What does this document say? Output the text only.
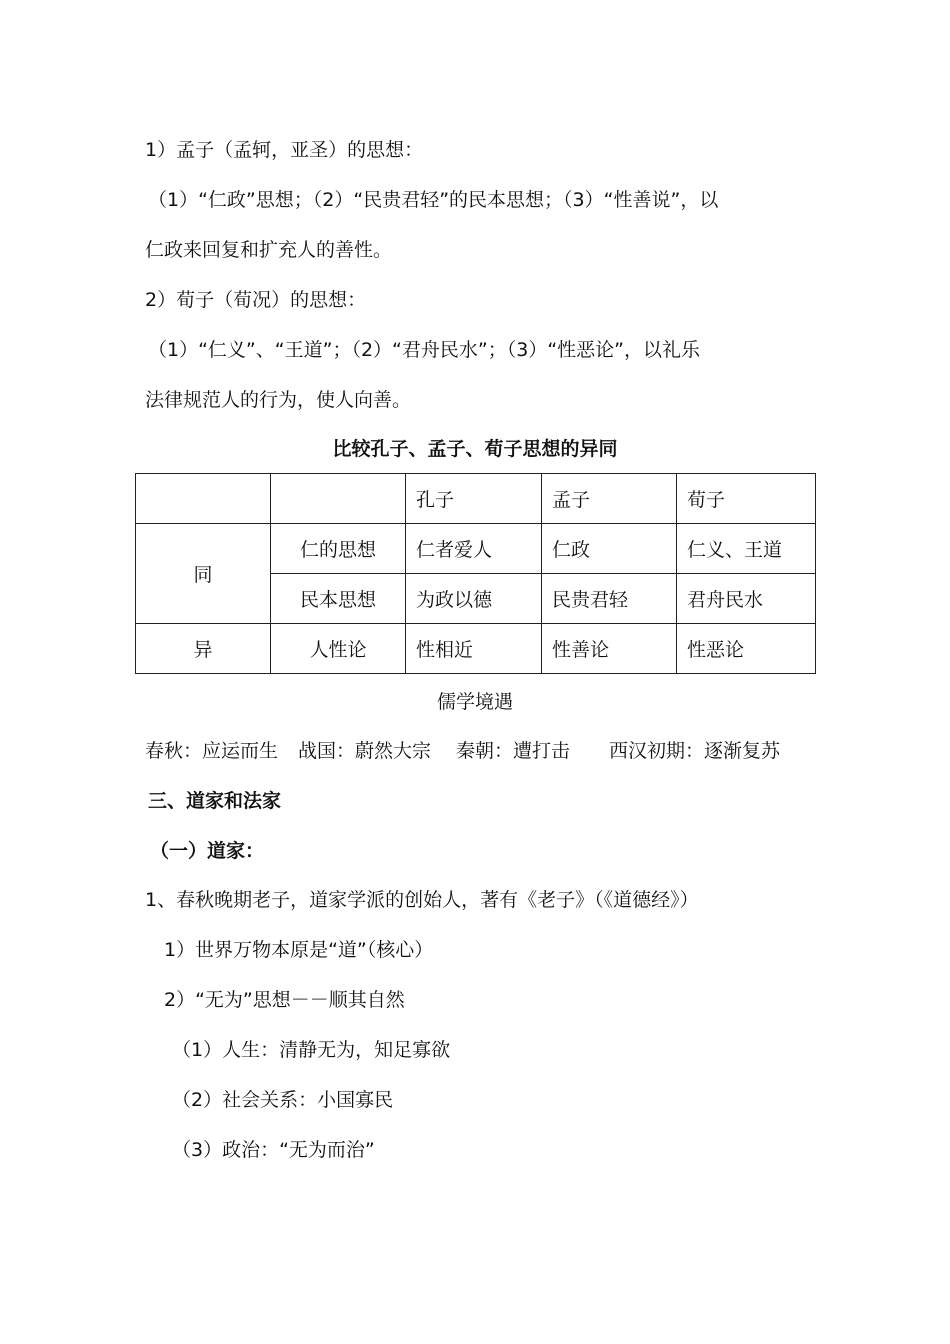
1）孟子（孟轲，亚圣）的思想：
（1）“仁政”思想；（2）“民贵君轻”的民本思想；（3）“性善说”，以
仁政来回复和扩充人的善性。
2）荀子（荀况）的思想：
（1）“仁义”、“王道”；（2）“君舟民水”；（3）“性恶论”，以礼乐
法律规范人的行为，使人向善。
比较孔子、孟子、荀子思想的异同
		孔子	孟子	荀子
同	仁的思想	仁者爱人	仁政	仁义、王道
	民本思想	为政以德	民贵君轻	君舟民水
异	人性论	性相近	性善论	性恶论
儒学境遇
春秋：应运而生 战国：蔚然大宗 秦朝：遭打击 西汉初期：逐渐复苏
三、道家和法家
（一）道家：
1、春秋晚期老子，道家学派的创始人，著有《老子》（《道德经》）
1）世界万物本原是“道”（核心）
2）“无为”思想－－顺其自然
（1）人生：清静无为，知足寡欲
（2）社会关系：小国寡民
（3）政治：“无为而治”
